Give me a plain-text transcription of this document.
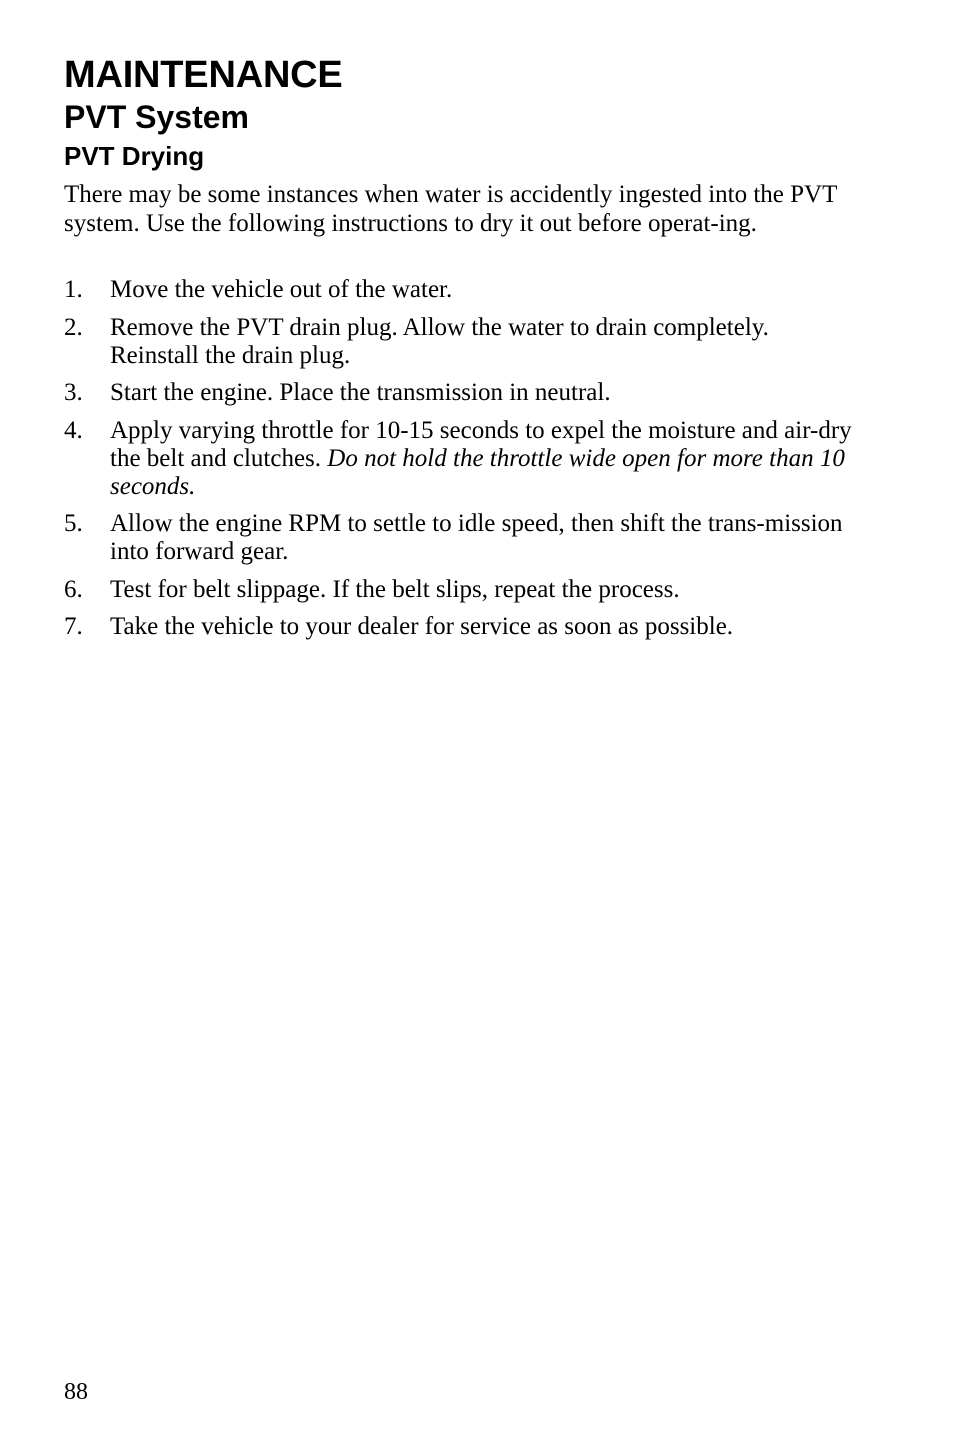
MAINTENANCE
PVT System
PVT Drying

There may be some instances when water is accidently ingested into the PVT system. Use the following instructions to dry it out before operat-ing.

1. Move the vehicle out of the water.
2. Remove the PVT drain plug. Allow the water to drain completely. Reinstall the drain plug.
3. Start the engine. Place the transmission in neutral.
4. Apply varying throttle for 10-15 seconds to expel the moisture and air-dry the belt and clutches. Do not hold the throttle wide open for more than 10 seconds.
5. Allow the engine RPM to settle to idle speed, then shift the trans-mission into forward gear.
6. Test for belt slippage. If the belt slips, repeat the process.
7. Take the vehicle to your dealer for service as soon as possible.
88
